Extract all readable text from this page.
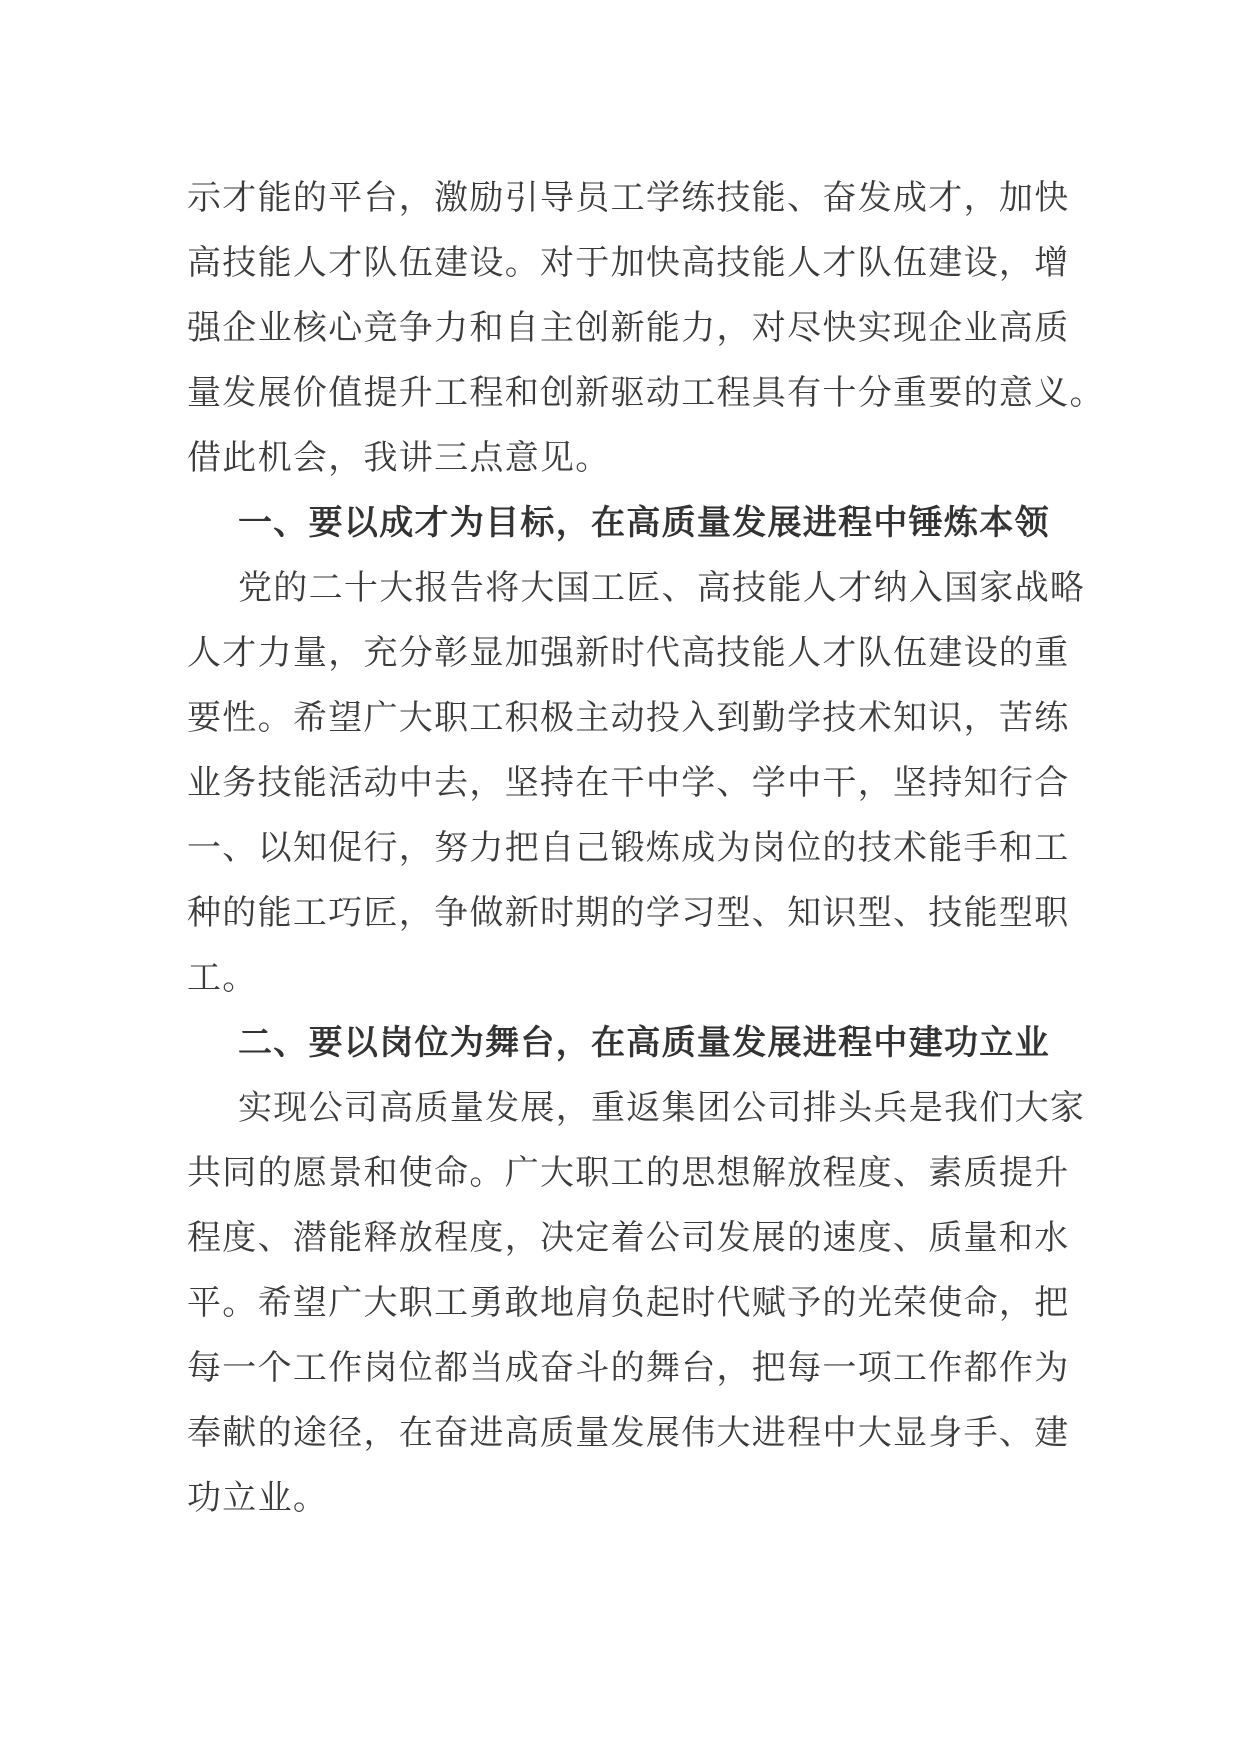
示才能的平台，激励引导员工学练技能、奋发成才，加快
高技能人才队伍建设。对于加快高技能人才队伍建设，增
强企业核心竞争力和自主创新能力，对尽快实现企业高质
量发展价值提升工程和创新驱动工程具有十分重要的意义。
借此机会，我讲三点意见。
一、要以成才为目标，在高质量发展进程中锤炼本领
党的二十大报告将大国工匠、高技能人才纳入国家战略
人才力量，充分彰显加强新时代高技能人才队伍建设的重
要性。希望广大职工积极主动投入到勤学技术知识，苦练
业务技能活动中去，坚持在干中学、学中干，坚持知行合
一、以知促行，努力把自己锻炼成为岗位的技术能手和工
种的能工巧匠，争做新时期的学习型、知识型、技能型职
工。
二、要以岗位为舞台，在高质量发展进程中建功立业
实现公司高质量发展，重返集团公司排头兵是我们大家
共同的愿景和使命。广大职工的思想解放程度、素质提升
程度、潜能释放程度，决定着公司发展的速度、质量和水
平。希望广大职工勇敢地肩负起时代赋予的光荣使命，把
每一个工作岗位都当成奋斗的舞台，把每一项工作都作为
奉献的途径，在奋进高质量发展伟大进程中大显身手、建
功立业。
